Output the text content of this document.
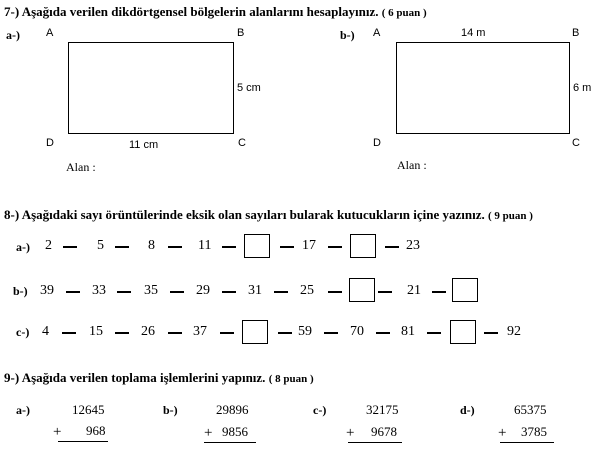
7-) Aşağıda verilen dikdörtgensel bölgelerin alanlarını hesaplayınız. ( 6 puan )
a-) A	B
D	C
5 cm
11 cm
Alan :
b-) A	14 m	B
6 m
D	C
Alan :
8-) Aşağıdaki sayı örüntülerinde eksik olan sayıları bularak kutucukların içine yazınız. ( 9 puan )
a-) 2	5	8	11	17	23
b-) 39	33	35	29	31	25	21
c-) 4	15	26	37	59	70	81	92
9-) Aşağıda verilen toplama işlemlerini yapınız. ( 8 puan )
a-)	12645
+ 968
b-)	29896
+ 9856
c-)	32175
+ 9678
d-)	65375
+ 3785
